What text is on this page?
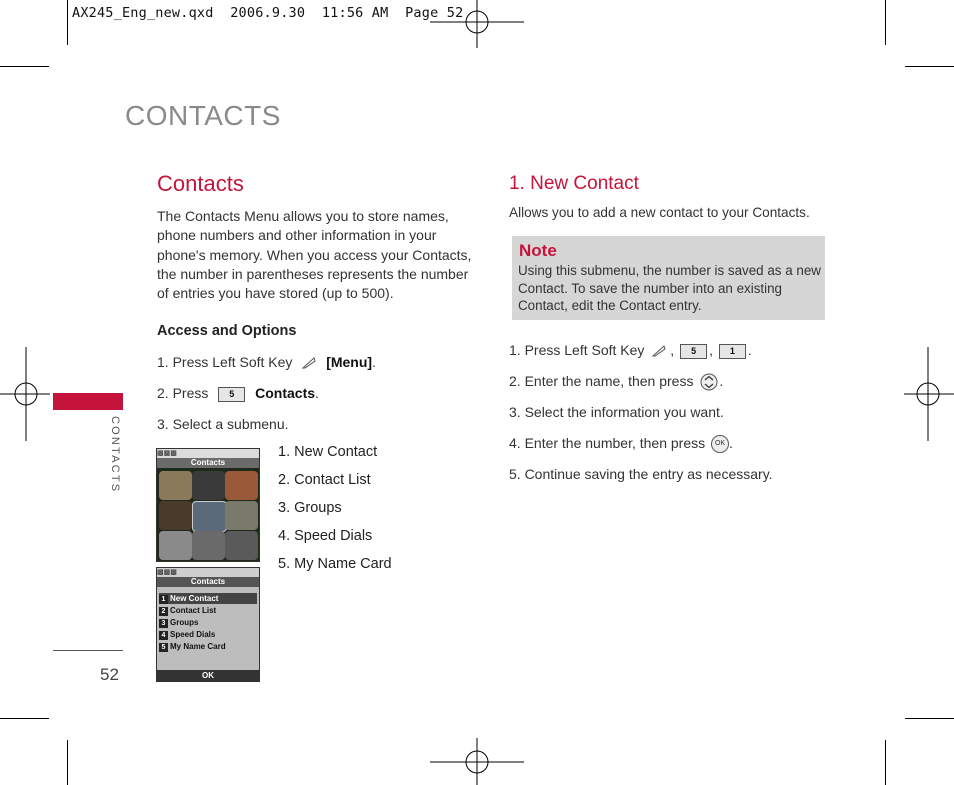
AX245_Eng_new.qxd  2006.9.30  11:56 AM  Page 52
CONTACTS
CONTACTS
52
Contacts
The Contacts Menu allows you to store names, phone numbers and other information in your phone's memory. When you access your Contacts, the number in parentheses represents the number of entries you have stored (up to 500).
Access and Options
1. Press Left Soft Key [Menu].
2. Press 5 Contacts.
3. Select a submenu.
1. New Contact
2. Contact List
3. Groups
4. Speed Dials
5. My Name Card
▩▩▩
Contacts
▩▩▩
Contacts
1 New Contact
2 Contact List
3 Groups
4 Speed Dials
5 My Name Card
OK
1. New Contact
Allows you to add a new contact to your Contacts.
Note
Using this submenu, the number is saved as a new Contact. To save the number into an existing Contact, edit the Contact entry.
1. Press Left Soft Key , 5 , 1 .
2. Enter the name, then press .
3. Select the information you want.
4. Enter the number, then press OK .
5. Continue saving the entry as necessary.
